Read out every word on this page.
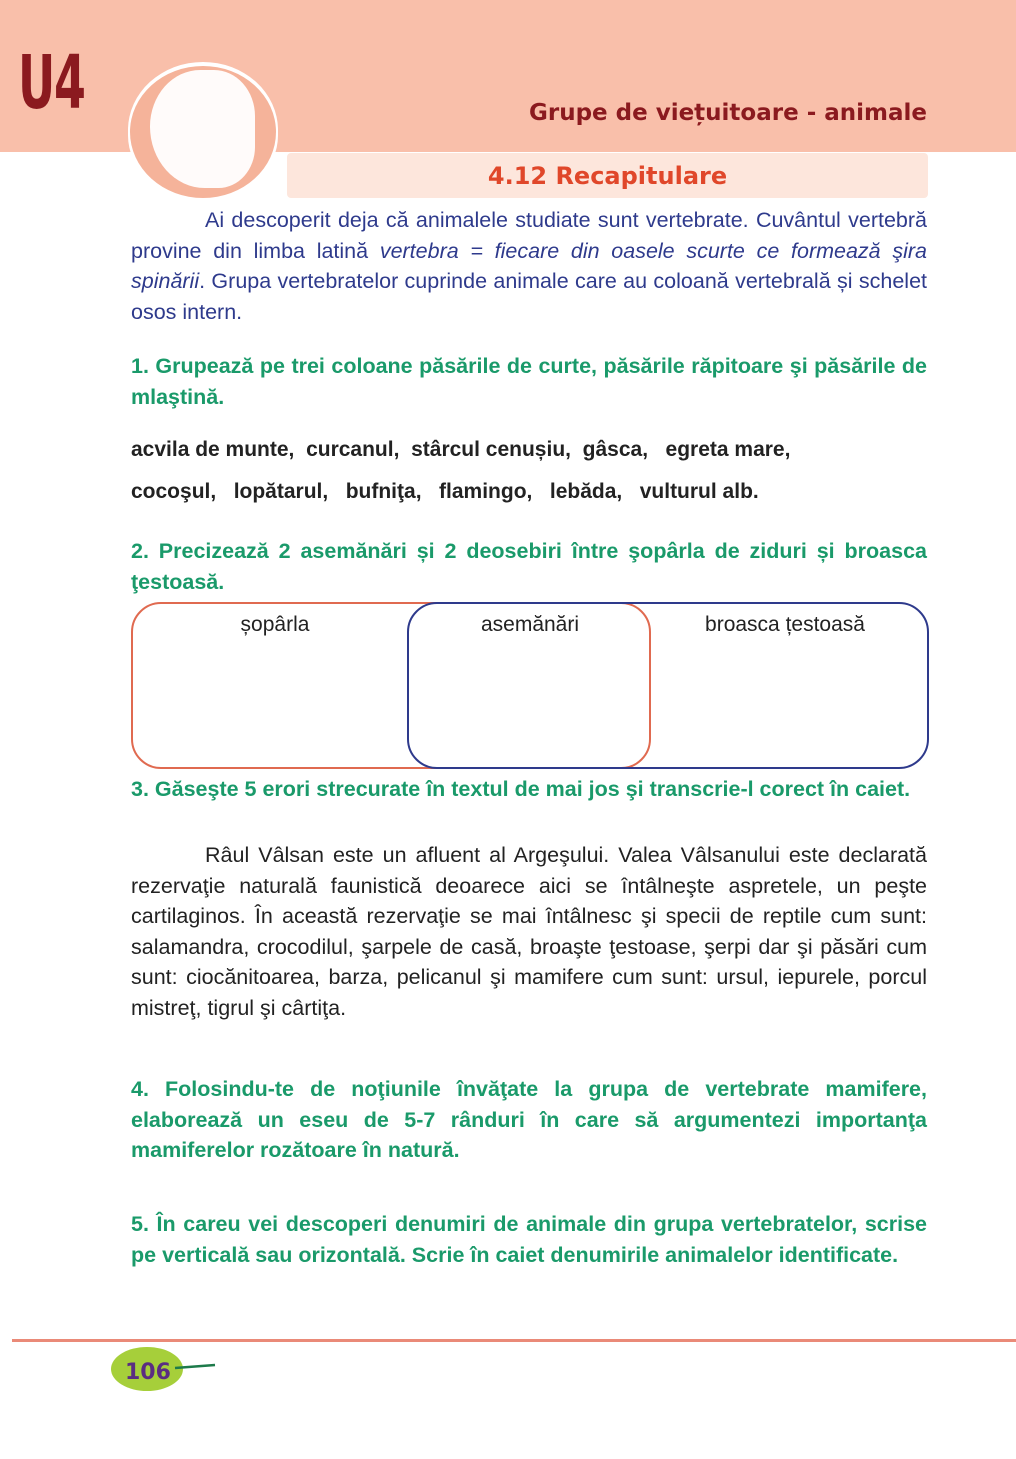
U4	Grupe de viețuitoare - animale
4.12 Recapitulare
Ai descoperit deja că animalele studiate sunt vertebrate. Cuvântul vertebră provine din limba latină vertebra = fiecare din oasele scurte ce formează şira spinării. Grupa vertebratelor cuprinde animale care au coloană vertebrală și schelet osos intern.
1. Grupează pe trei coloane păsările de curte, păsările răpitoare şi păsările de mlaştină.
acvila de munte,  curcanul,  stârcul cenușiu,  gâsca,   egreta mare,
cocoşul,   lopătarul,   bufniţa,   flamingo,   lebăda,   vulturul alb.
2. Precizează 2 asemănări și 2 deosebiri între şopârla de ziduri și broasca ţestoasă.
șopârla	asemănări	broasca țestoasă
3. Găseşte 5 erori strecurate în textul de mai jos şi transcrie-l corect în caiet.
Râul Vâlsan este un afluent al Argeşului. Valea Vâlsanului este declarată rezervaţie naturală faunistică deoarece aici se întâlneşte aspretele, un peşte cartilaginos. În această rezervaţie se mai întâlnesc şi specii de reptile cum sunt: salamandra, crocodilul, şarpele de casă, broaşte ţestoase, şerpi dar şi păsări cum sunt: ciocănitoarea, barza, pelicanul şi mamifere cum sunt: ursul, iepurele, porcul mistreţ, tigrul şi cârtiţa.
4. Folosindu-te de noţiunile învăţate la grupa de vertebrate mamifere, elaborează un eseu de 5-7 rânduri în care să argumentezi importanţa mamiferelor rozătoare în natură.
5. În careu vei descoperi denumiri de animale din grupa vertebratelor, scrise pe verticală sau orizontală. Scrie în caiet denumirile animalelor identificate.
106
